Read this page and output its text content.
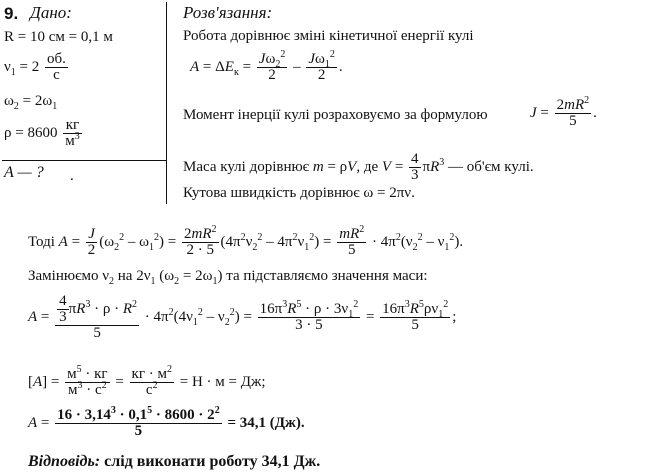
9. Дано:
R = 10 см = 0,1 м
$\nu_1 = 2 \frac{об.}{с}$
$\omega_2 = 2\omega_1$
$\rho = 8600 \frac{кг}{м^3}$
A — ? .
Розв'язання:
Робота дорівнює зміні кінетичної енергії кулі
$A = \Delta E_к = \frac{J\omega_2^2}{2} - \frac{J\omega_1^2}{2}$ .
Момент інерції кулі розраховуємо за формулою	$J = \frac{2mR^2}{5}$ .
Маса кулі дорівнює m = ρV, де $V = \frac{4}{3} \pi R^3$ — об'єм кулі.
Кутова швидкість дорівнює ω = 2πν.
Тоді $A = \frac{J}{2} (\omega_2^2 - \omega_1^2) = \frac{2mR^2}{2 \cdot 5} (4\pi^2\nu_2^2 - 4\pi^2\nu_1^2) = \frac{mR^2}{5} \cdot 4\pi^2(\nu_2^2 - \nu_1^2)$.
Замінюємо $\nu_2$ на $2\nu_1$ $(\omega_2 = 2\omega_1)$ та підставляємо значення маси:
$A = \frac{\frac{4}{3} \pi R^3 \cdot \rho \cdot R^2}{5} \cdot 4\pi^2(4\nu_1^2 - \nu_2^2) = \frac{16\pi^3R^5 \cdot \rho \cdot 3\nu_1^2}{3 \cdot 5} = \frac{16\pi^3R^5\rho\nu_1^2}{5}$ ;
$[A] = \frac{м^5 \cdot кг}{м^3 \cdot с^2} = \frac{кг \cdot м^2}{с^2} = Н \cdot м$ = Дж;
$A = \frac{16 \cdot 3,14^3 \cdot 0,1^5 \cdot 8600 \cdot 2^2}{5} = 34,1$ (Дж).
Відповідь: слід виконати роботу 34,1 Дж.
